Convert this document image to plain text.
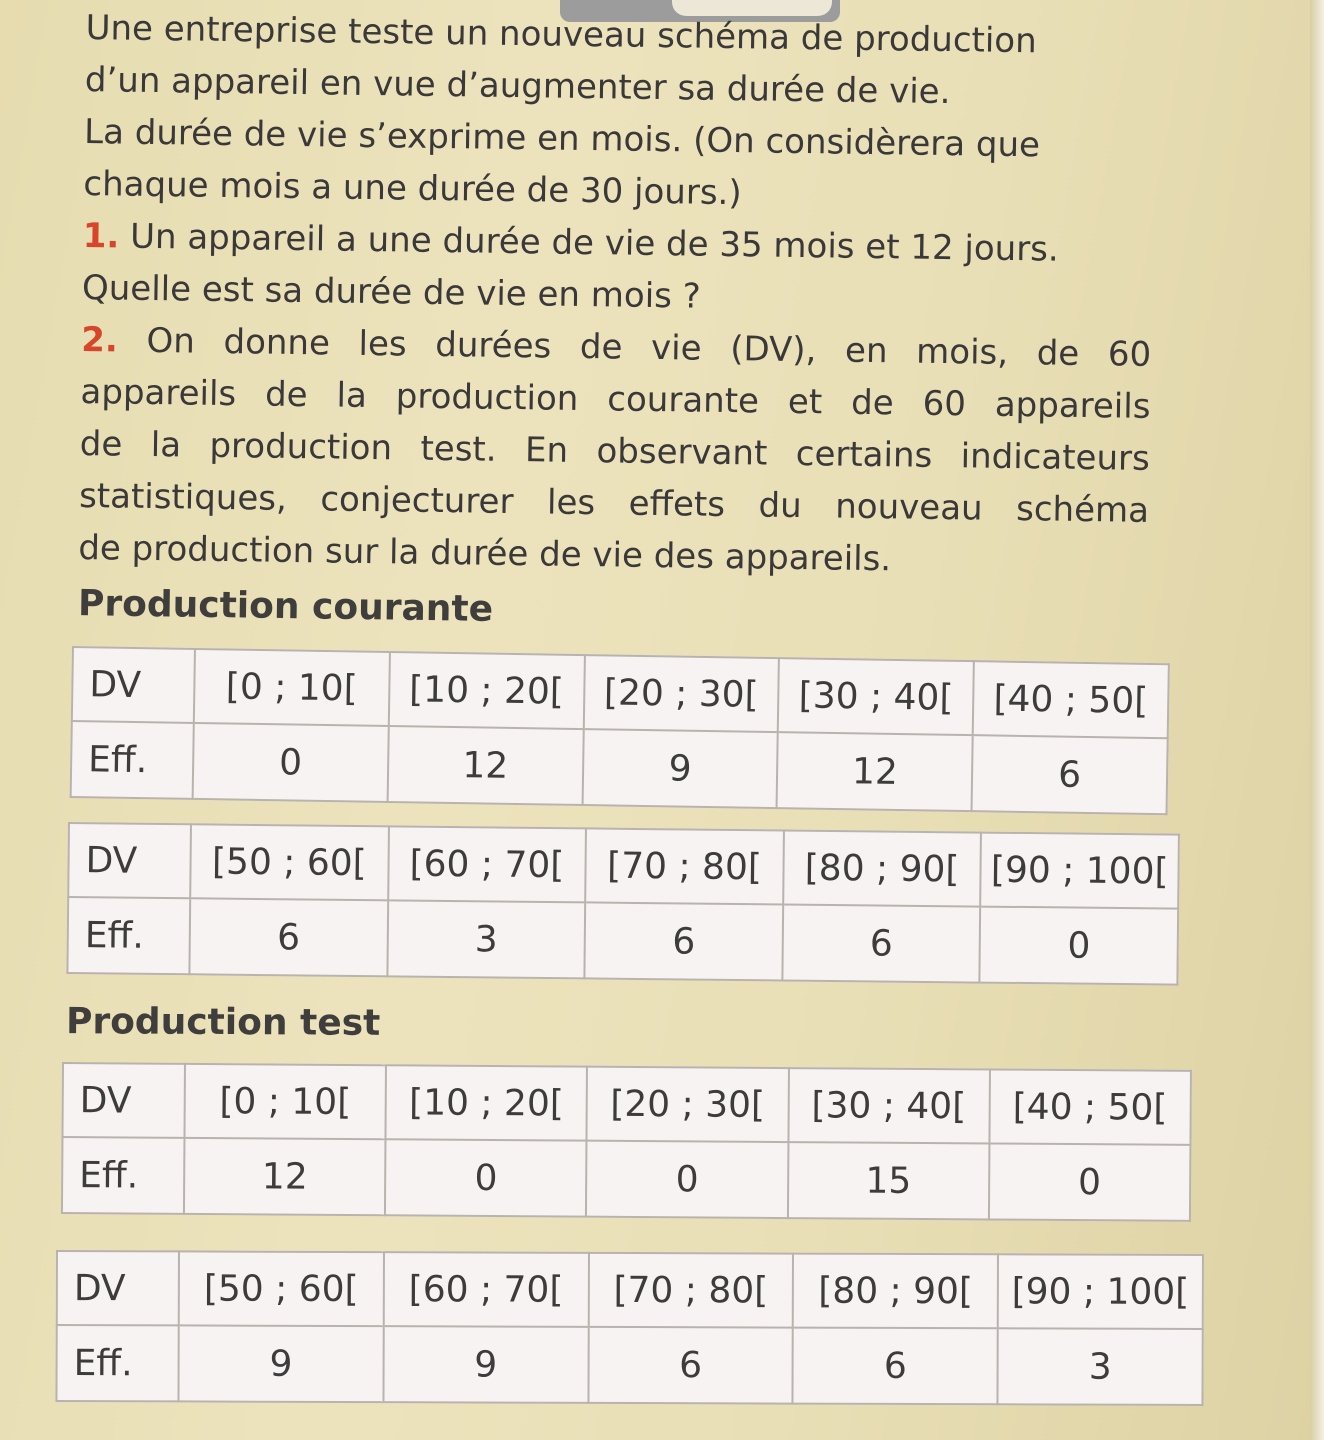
Une entreprise teste un nouveau schéma de production

d’un appareil en vue d’augmenter sa durée de vie.

La durée de vie s’exprime en mois. (On considèrera que

chaque mois a une durée de 30 jours.)

1. Un appareil a une durée de vie de 35 mois et 12 jours.

Quelle est sa durée de vie en mois ?

2. On donne les durées de vie (DV), en mois, de 60

appareils de la production courante et de 60 appareils

de la production test. En observant certains indicateurs

statistiques, conjecturer les effets du nouveau schéma

de production sur la durée de vie des appareils.

Production courante
DV	[0 ; 10[	[10 ; 20[	[20 ; 30[	[30 ; 40[	[40 ; 50[
Eff.	0	12	9	12	6
DV	[50 ; 60[	[60 ; 70[	[70 ; 80[	[80 ; 90[	[90 ; 100[
Eff.	6	3	6	6	0
Production test
DV	[0 ; 10[	[10 ; 20[	[20 ; 30[	[30 ; 40[	[40 ; 50[
Eff.	12	0	0	15	0
DV	[50 ; 60[	[60 ; 70[	[70 ; 80[	[80 ; 90[	[90 ; 100[
Eff.	9	9	6	6	3
